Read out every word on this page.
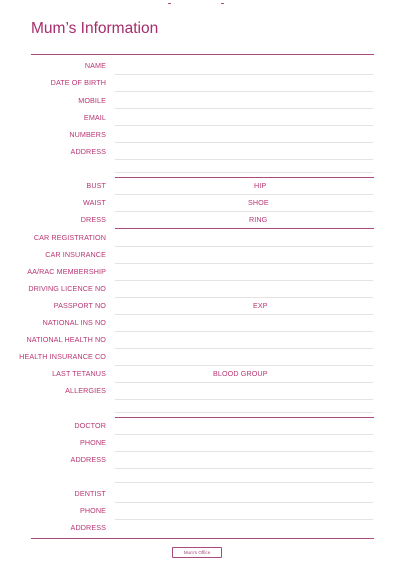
Mum’s Information
NAME
DATE OF BIRTH
MOBILE
EMAIL
NUMBERS
ADDRESS
BUST	HIP
WAIST	SHOE
DRESS	RING
CAR REGISTRATION
CAR INSURANCE
AA/RAC MEMBERSHIP
DRIVING LICENCE NO
PASSPORT NO	EXP
NATIONAL INS NO
NATIONAL HEALTH NO
HEALTH INSURANCE CO
LAST TETANUS	BLOOD GROUP
ALLERGIES
DOCTOR
PHONE
ADDRESS
DENTIST
PHONE
ADDRESS
Mum's Office
